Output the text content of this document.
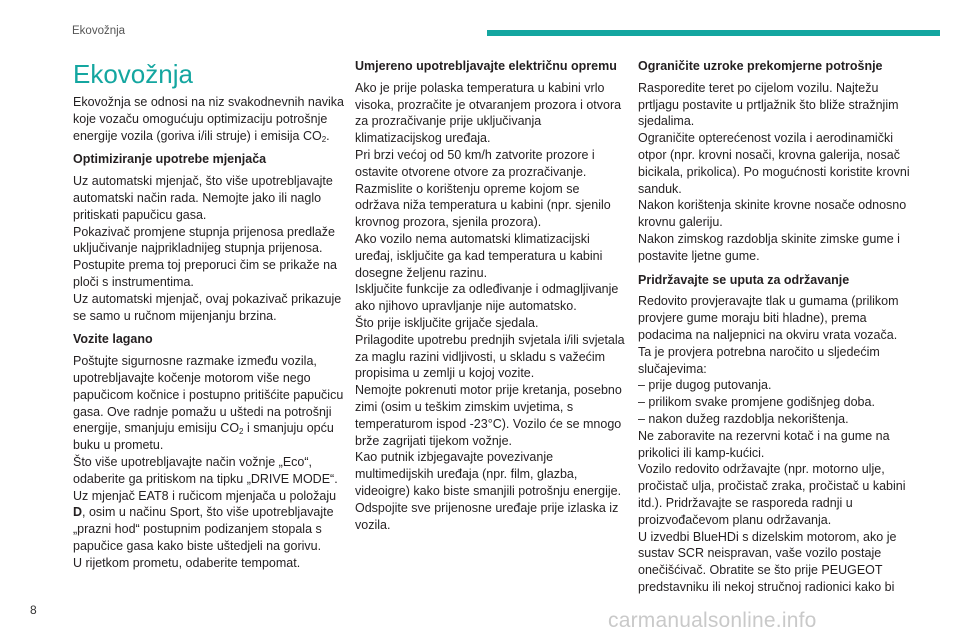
Ekovožnja
Ekovožnja

Ekovožnja se odnosi na niz svakodnevnih navika koje vozaču omogućuju optimizaciju potrošnje energije vozila (goriva i/ili struje) i emisija $CO_2$.

Optimiziranje upotrebe mjenjača

Uz automatski mjenjač, što više upotrebljavajte automatski način rada. Nemojte jako ili naglo pritiskati papučicu gasa.
Pokazivač promjene stupnja prijenosa predlaže uključivanje najprikladnijeg stupnja prijenosa. Postupite prema toj preporuci čim se prikaže na ploči s instrumentima.
Uz automatski mjenjač, ovaj pokazivač prikazuje se samo u ručnom mijenjanju brzina.

Vozite lagano

Poštujte sigurnosne razmake između vozila, upotrebljavajte kočenje motorom više nego papučicom kočnice i postupno pritišćite papučicu gasa. Ove radnje pomažu u uštedi na potrošnji energije, smanjuju emisiju $CO_2$ i smanjuju opću buku u prometu.
Što više upotrebljavajte način vožnje „Eco“, odaberite ga pritiskom na tipku „DRIVE MODE“.
Uz mjenjač EAT8 i ručicom mjenjača u položaju D, osim u načinu Sport, što više upotrebljavajte „prazni hod“ postupnim podizanjem stopala s papučice gasa kako biste uštedjeli na gorivu.
U rijetkom prometu, odaberite tempomat.

Umjereno upotrebljavajte električnu opremu

Ako je prije polaska temperatura u kabini vrlo visoka, prozračite je otvaranjem prozora i otvora za prozračivanje prije uključivanja klimatizacijskog uređaja.
Pri brzi većoj od 50 km/h zatvorite prozore i ostavite otvorene otvore za prozračivanje.
Razmislite o korištenju opreme kojom se održava niža temperatura u kabini (npr. sjenilo krovnog prozora, sjenila prozora).
Ako vozilo nema automatski klimatizacijski uređaj, isključite ga kad temperatura u kabini dosegne željenu razinu.
Isključite funkcije za odleđivanje i odmagljivanje ako njihovo upravljanje nije automatsko.
Što prije isključite grijače sjedala.
Prilagodite upotrebu prednjih svjetala i/ili svjetala za maglu razini vidljivosti, u skladu s važećim propisima u zemlji u kojoj vozite.
Nemojte pokrenuti motor prije kretanja, posebno zimi (osim u teškim zimskim uvjetima, s temperaturom ispod -23°C). Vozilo će se mnogo brže zagrijati tijekom vožnje.
Kao putnik izbjegavajte povezivanje multimedijskih uređaja (npr. film, glazba, videoigre) kako biste smanjili potrošnju energije.
Odspojite sve prijenosne uređaje prije izlaska iz vozila.

Ograničite uzroke prekomjerne potrošnje

Rasporedite teret po cijelom vozilu. Najtežu prtljagu postavite u prtljažnik što bliže stražnjim sjedalima.
Ograničite opterećenost vozila i aerodinamički otpor (npr. krovni nosači, krovna galerija, nosač bicikala, prikolica). Po mogućnosti koristite krovni sanduk.
Nakon korištenja skinite krovne nosače odnosno krovnu galeriju.
Nakon zimskog razdoblja skinite zimske gume i postavite ljetne gume.

Pridržavajte se uputa za održavanje

Redovito provjeravajte tlak u gumama (prilikom provjere gume moraju biti hladne), prema podacima na naljepnici na okviru vrata vozača.
Ta je provjera potrebna naročito u sljedećim slučajevima:
– prije dugog putovanja.
– prilikom svake promjene godišnjeg doba.
– nakon dužeg razdoblja nekorištenja.
Ne zaboravite na rezervni kotač i na gume na prikolici ili kamp-kućici.
Vozilo redovito održavajte (npr. motorno ulje, pročistač ulja, pročistač zraka, pročistač u kabini itd.). Pridržavajte se rasporeda radnji u proizvođačevom planu održavanja.
U izvedbi BlueHDi s dizelskim motorom, ako je sustav SCR neispravan, vaše vozilo postaje onečišćivač. Obratite se što prije PEUGEOT predstavniku ili nekoj stručnoj radionici kako bi

8	carmanualsonline.info
